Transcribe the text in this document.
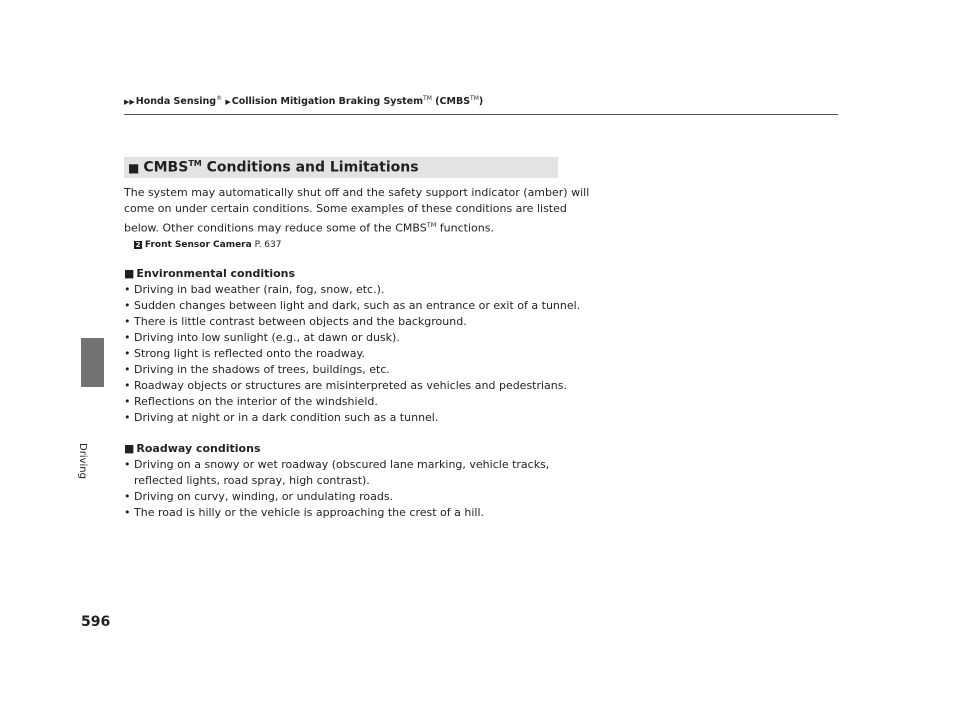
▶▶Honda Sensing® ▶Collision Mitigation Braking System™ (CMBS™)
Driving
596
■ CMBS™ Conditions and Limitations

The system may automatically shut off and the safety support indicator (amber) will

come on under certain conditions. Some examples of these conditions are listed

below. Other conditions may reduce some of the CMBS™ functions.

2 Front Sensor Camera P. 637
■ Environmental conditions
• Driving in bad weather (rain, fog, snow, etc.).
• Sudden changes between light and dark, such as an entrance or exit of a tunnel.
• There is little contrast between objects and the background.
• Driving into low sunlight (e.g., at dawn or dusk).
• Strong light is reflected onto the roadway.
• Driving in the shadows of trees, buildings, etc.
• Roadway objects or structures are misinterpreted as vehicles and pedestrians.
• Reflections on the interior of the windshield.
• Driving at night or in a dark condition such as a tunnel.
■ Roadway conditions
• Driving on a snowy or wet roadway (obscured lane marking, vehicle tracks,
reflected lights, road spray, high contrast).
• Driving on curvy, winding, or undulating roads.
• The road is hilly or the vehicle is approaching the crest of a hill.
